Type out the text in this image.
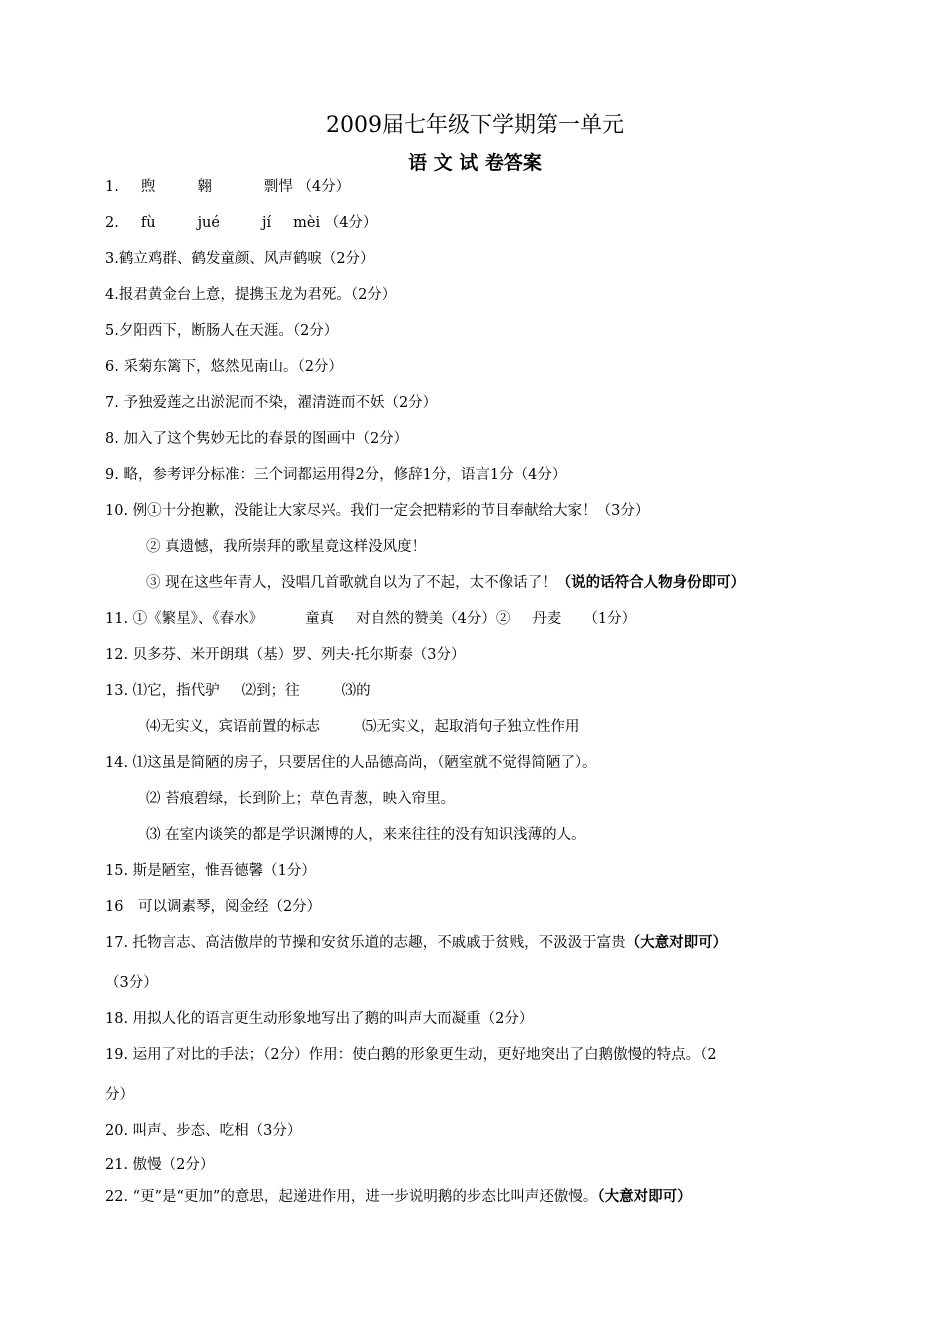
2009届七年级下学期第一单元
语 文 试 卷答案
1. 煦	翱	剽悍 （4分）
2. fù	jué	jí mèi （4分）
3.鹤立鸡群、鹤发童颜、风声鹤唳（2分）
4.报君黄金台上意，提携玉龙为君死。（2分）
5.夕阳西下，断肠人在天涯。（2分）
6. 采菊东篱下，悠然见南山。（2分）
7. 予独爱莲之出淤泥而不染，濯清涟而不妖（2分）
8. 加入了这个隽妙无比的春景的图画中（2分）
9. 略，参考评分标准：三个词都运用得2分，修辞1分，语言1分（4分）
10. 例①十分抱歉，没能让大家尽兴。我们一定会把精彩的节目奉献给大家！（3分）
② 真遗憾，我所崇拜的歌星竟这样没风度！
③ 现在这些年青人，没唱几首歌就自以为了不起，太不像话了！（说的话符合人物身份即可）
11. ①《繁星》、《春水》	童真 对自然的赞美（4分）② 丹麦 （1分）
12. 贝多芬、米开朗琪（基）罗、列夫·托尔斯泰（3分）
13. ⑴它，指代驴 ⑵到；往	⑶的
⑷无实义，宾语前置的标志	⑸无实义，起取消句子独立性作用
14. ⑴这虽是简陋的房子，只要居住的人品德高尚，（陋室就不觉得简陋了）。
⑵ 苔痕碧绿，长到阶上；草色青葱，映入帘里。
⑶ 在室内谈笑的都是学识渊博的人，来来往往的没有知识浅薄的人。
15. 斯是陋室，惟吾德馨（1分）
16　可以调素琴，阅金经（2分）
17. 托物言志、高洁傲岸的节操和安贫乐道的志趣，不戚戚于贫贱，不汲汲于富贵（大意对即可）
（3分）
18. 用拟人化的语言更生动形象地写出了鹅的叫声大而凝重（2分）
19. 运用了对比的手法；（2分）作用：使白鹅的形象更生动，更好地突出了白鹅傲慢的特点。（2
分）
20. 叫声、步态、吃相（3分）
21. 傲慢（2分）
22. “更”是“更加”的意思，起递进作用，进一步说明鹅的步态比叫声还傲慢。（大意对即可）
